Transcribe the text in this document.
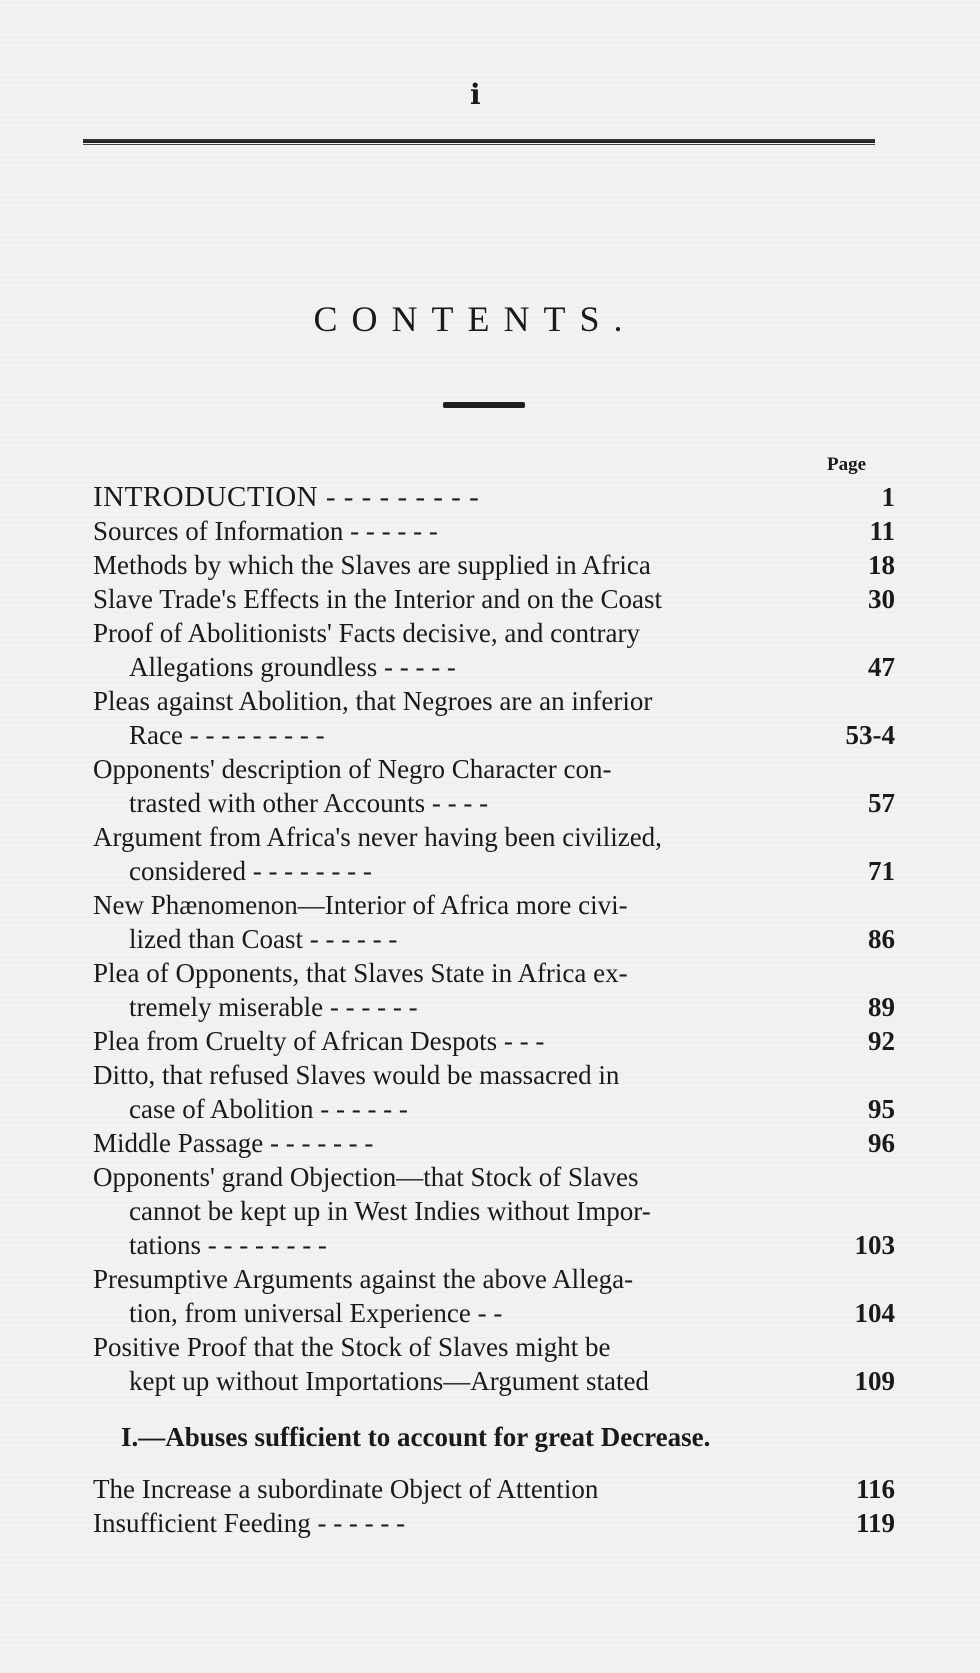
i
CONTENTS.
Page
INTRODUCTION - - - - - - - - -	1
Sources of Information - - - - - -	11
Methods by which the Slaves are supplied in Africa	18
Slave Trade's Effects in the Interior and on the Coast	30
Proof of Abolitionists' Facts decisive, and contrary
Allegations groundless - - - - -	47
Pleas against Abolition, that Negroes are an inferior
Race - - - - - - - - -	53-4
Opponents' description of Negro Character con-
trasted with other Accounts - - - -	57
Argument from Africa's never having been civilized,
considered - - - - - - - -	71
New Phænomenon—Interior of Africa more civi-
lized than Coast - - - - - -	86
Plea of Opponents, that Slaves State in Africa ex-
tremely miserable - - - - - -	89
Plea from Cruelty of African Despots - - -	92
Ditto, that refused Slaves would be massacred in
case of Abolition - - - - - -	95
Middle Passage - - - - - - -	96
Opponents' grand Objection—that Stock of Slaves
cannot be kept up in West Indies without Impor-
tations - - - - - - - -	103
Presumptive Arguments against the above Allega-
tion, from universal Experience - -	104
Positive Proof that the Stock of Slaves might be
kept up without Importations—Argument stated	109
I.—Abuses sufficient to account for great Decrease.
The Increase a subordinate Object of Attention	116
Insufficient Feeding - - - - - -	119
